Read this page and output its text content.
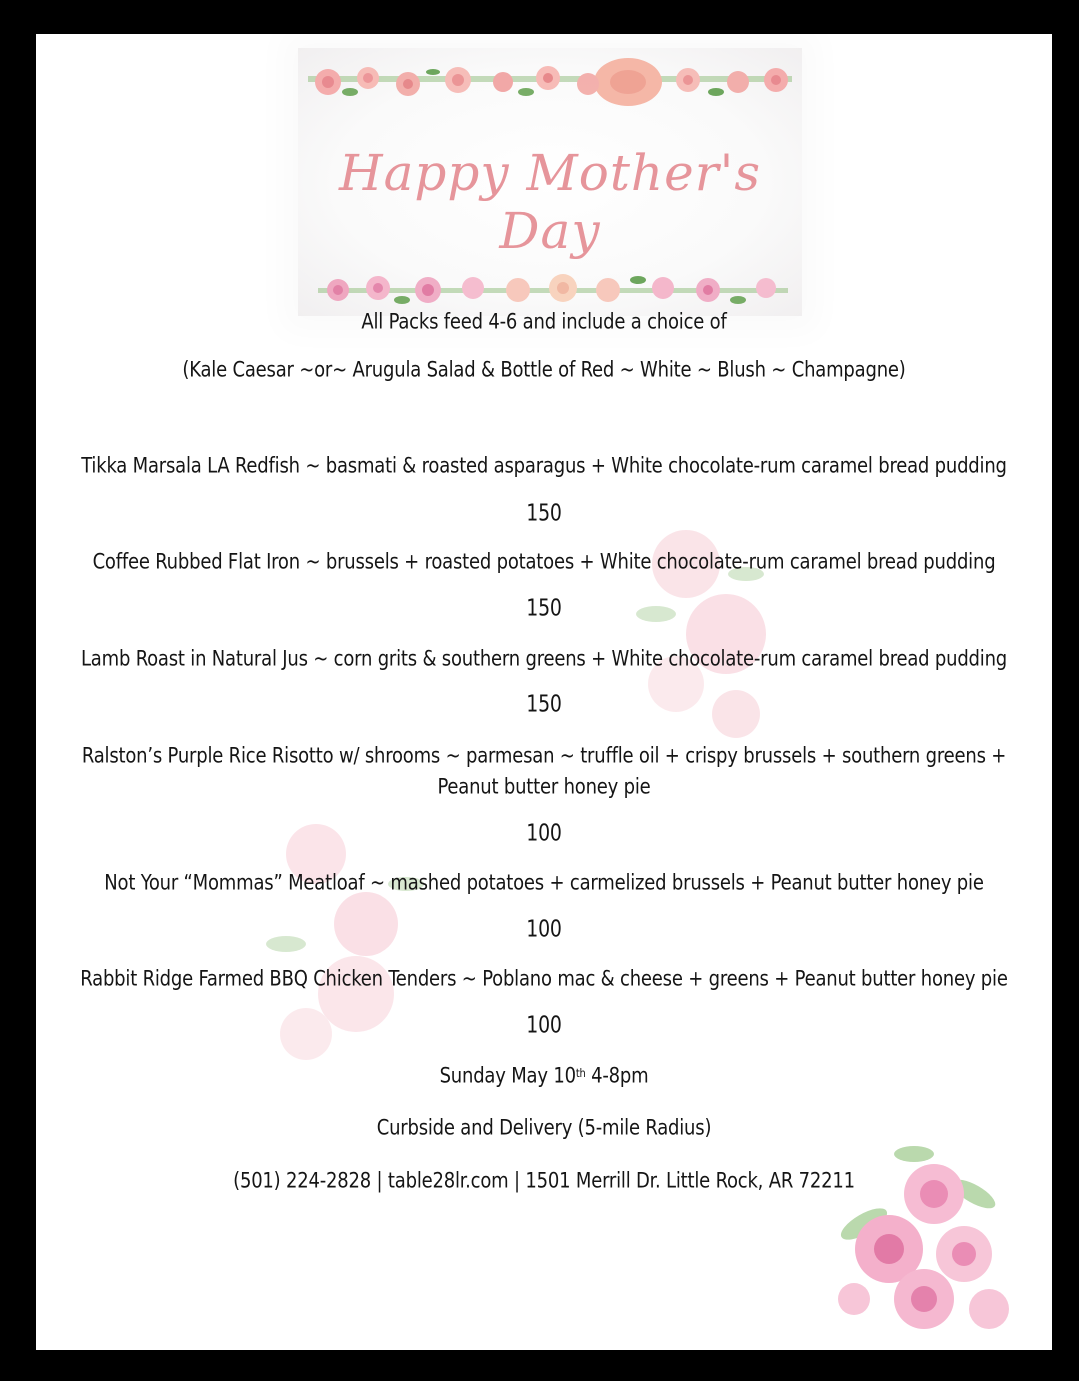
Happy Mother's Day
All Packs feed 4-6 and include a choice of
(Kale Caesar ~or~ Arugula Salad & Bottle of Red ~ White ~ Blush ~ Champagne)
Tikka Marsala LA Redfish ~ basmati & roasted asparagus + White chocolate-rum caramel bread pudding
150
Coffee Rubbed Flat Iron ~ brussels + roasted potatoes + White chocolate-rum caramel bread pudding
150
Lamb Roast in Natural Jus ~ corn grits & southern greens + White chocolate-rum caramel bread pudding
150
Ralston’s Purple Rice Risotto w/ shrooms ~ parmesan ~ truffle oil + crispy brussels + southern greens +
Peanut butter honey pie
100
Not Your “Mommas” Meatloaf ~ mashed potatoes + carmelized brussels + Peanut butter honey pie
100
Rabbit Ridge Farmed BBQ Chicken Tenders ~ Poblano mac & cheese + greens + Peanut butter honey pie
100
Sunday May 10th 4-8pm
Curbside and Delivery (5-mile Radius)
(501) 224-2828 | table28lr.com | 1501 Merrill Dr. Little Rock, AR 72211
